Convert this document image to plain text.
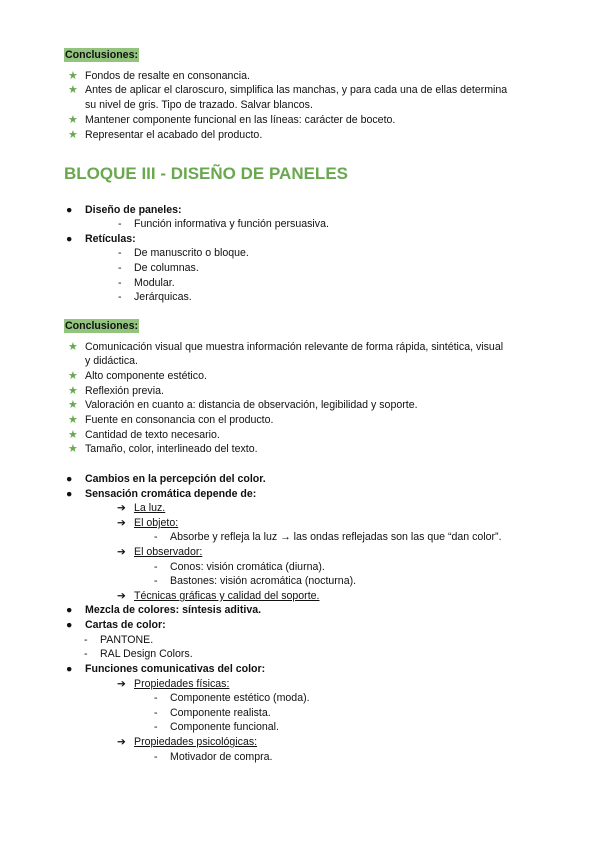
Conclusiones:
★ Fondos de resalte en consonancia.
★ Antes de aplicar el claroscuro, simplifica las manchas, y para cada una de ellas determina
su nivel de gris. Tipo de trazado. Salvar blancos.
★ Mantener componente funcional en las líneas: carácter de boceto.
★ Representar el acabado del producto.
BLOQUE III - DISEÑO DE PANELES
● Diseño de paneles:
- Función informativa y función persuasiva.
● Retículas:
- De manuscrito o bloque.
- De columnas.
- Modular.
- Jerárquicas.
Conclusiones:
★ Comunicación visual que muestra información relevante de forma rápida, sintética, visual
y didáctica.
★ Alto componente estético.
★ Reflexión previa.
★ Valoración en cuanto a: distancia de observación, legibilidad y soporte.
★ Fuente en consonancia con el producto.
★ Cantidad de texto necesario.
★ Tamaño, color, interlineado del texto.
● Cambios en la percepción del color.
● Sensación cromática depende de:
➔ La luz.
➔ El objeto:
- Absorbe y refleja la luz → las ondas reflejadas son las que “dan color”.
➔ El observador:
- Conos: visión cromática (diurna).
- Bastones: visión acromática (nocturna).
➔ Técnicas gráficas y calidad del soporte.
● Mezcla de colores: síntesis aditiva.
● Cartas de color:
- PANTONE.
- RAL Design Colors.
● Funciones comunicativas del color:
➔ Propiedades físicas:
- Componente estético (moda).
- Componente realista.
- Componente funcional.
➔ Propiedades psicológicas:
- Motivador de compra.
